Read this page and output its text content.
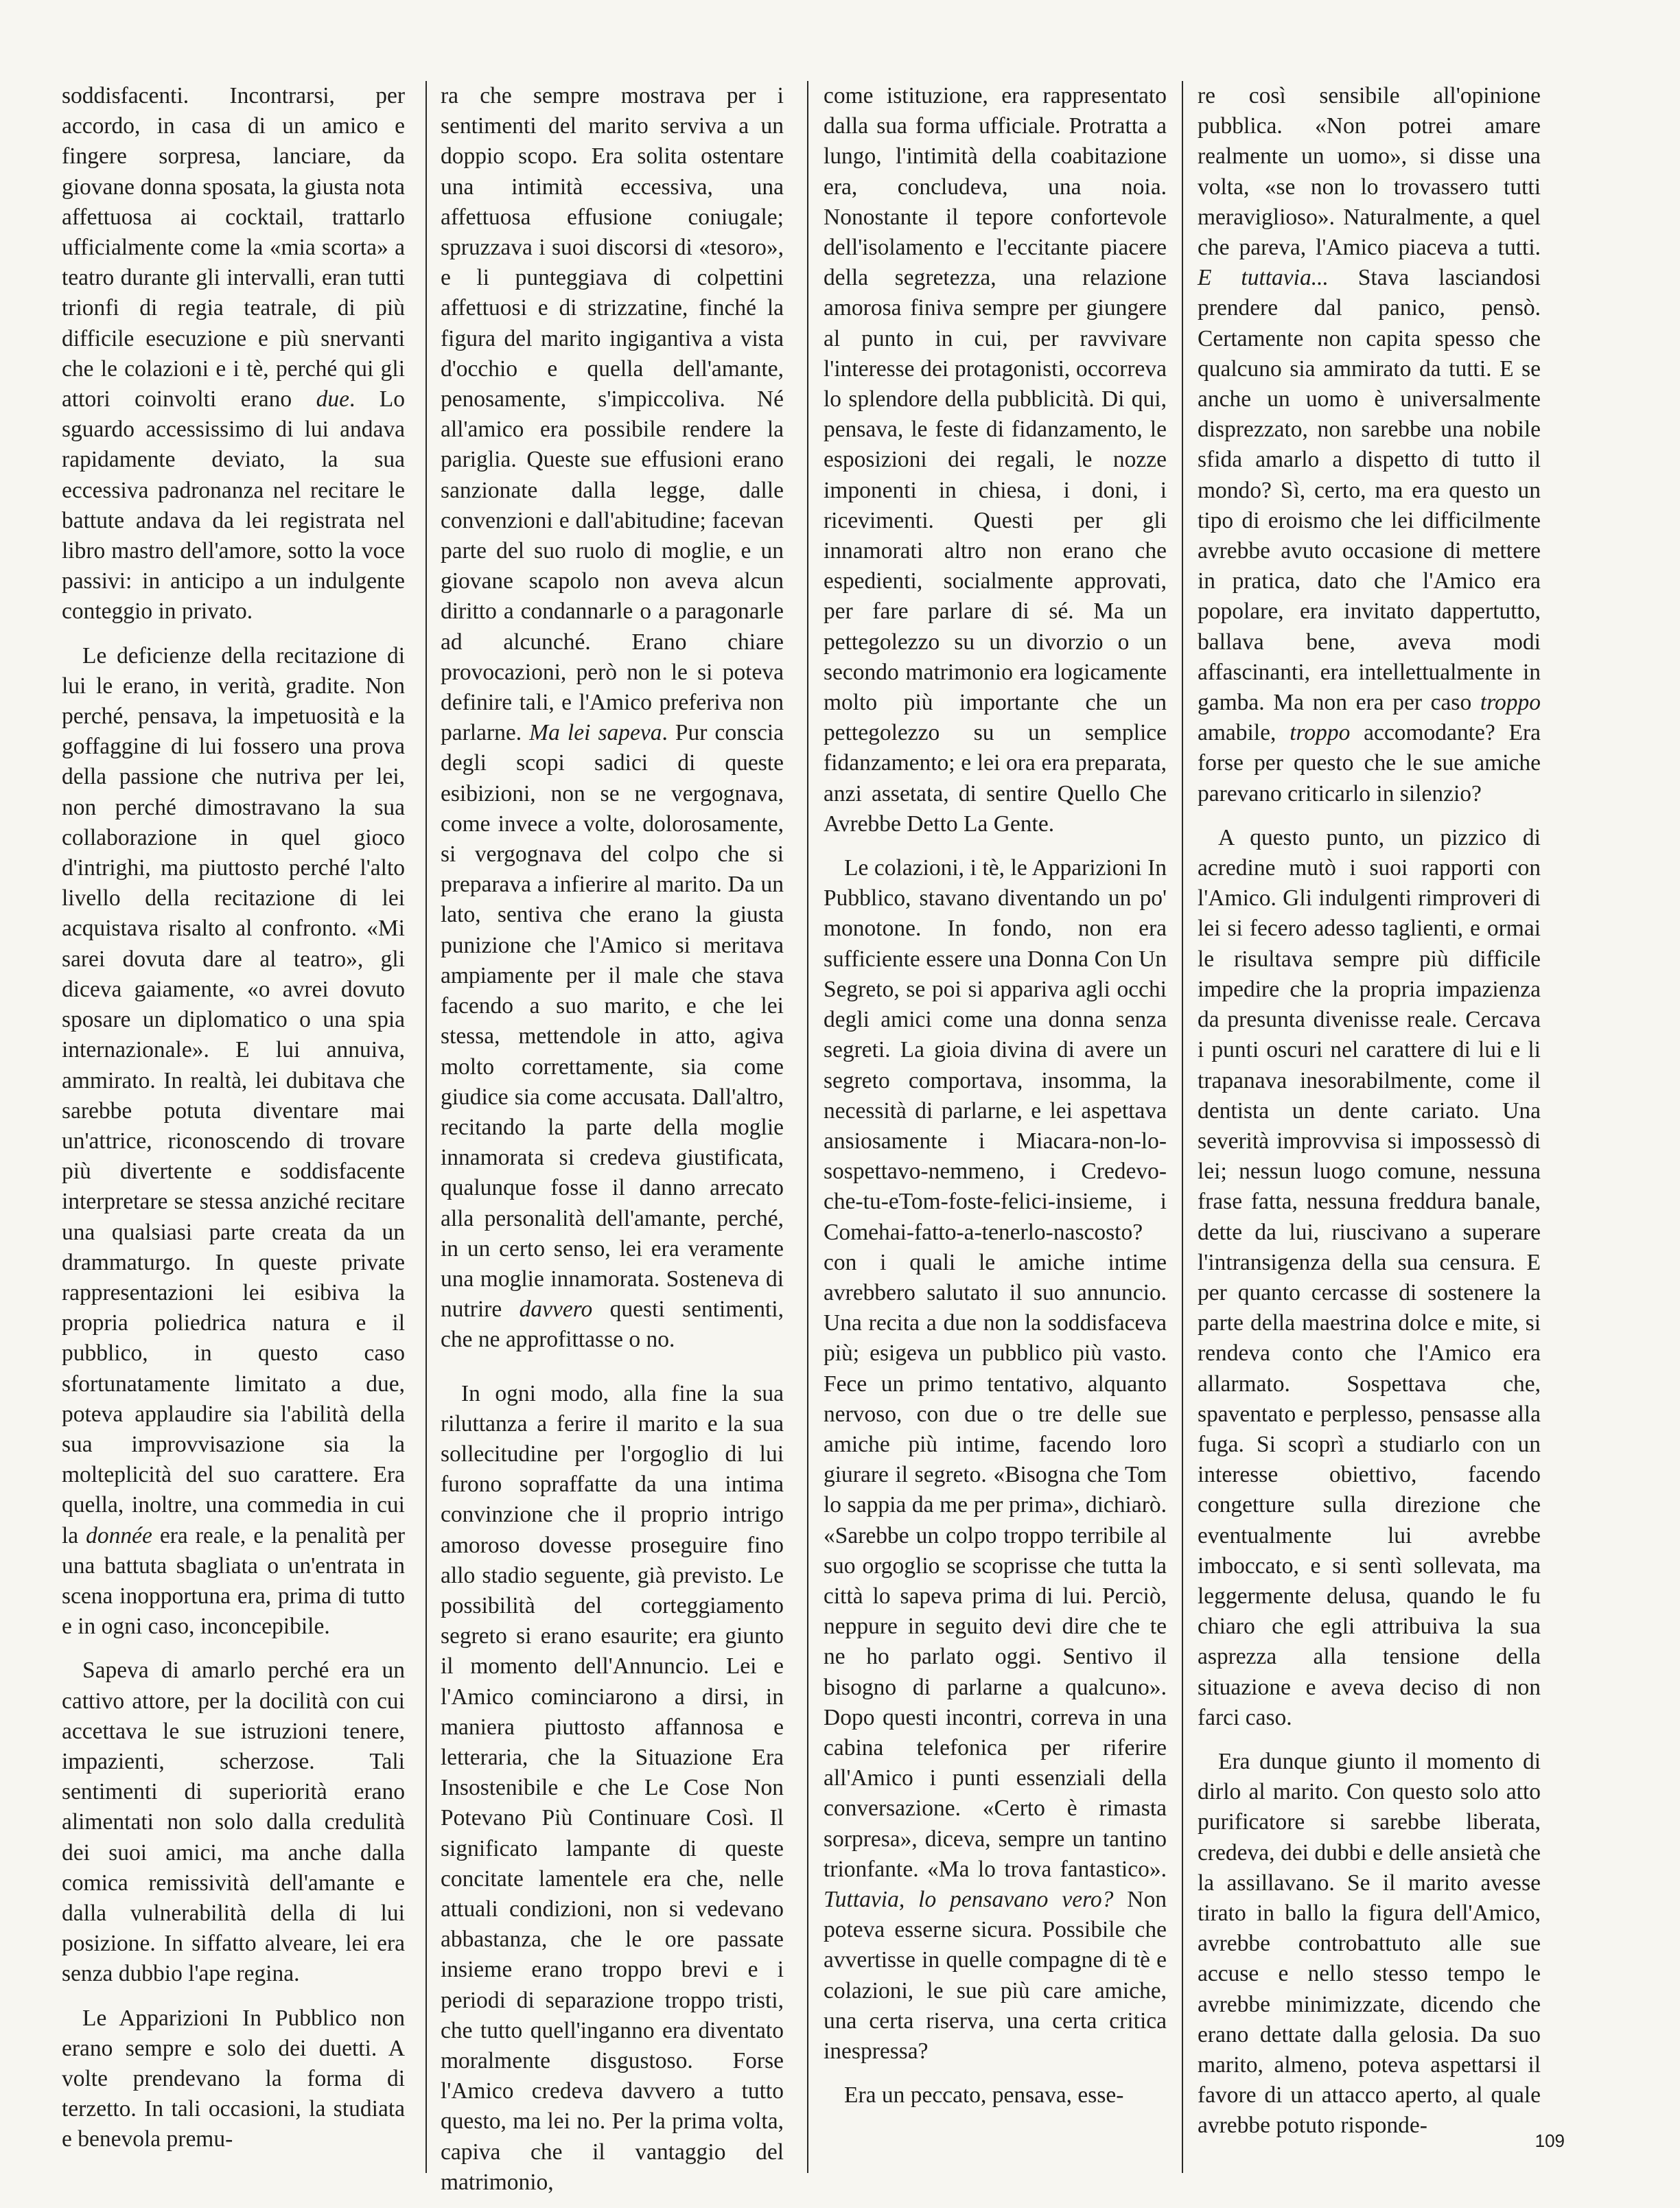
soddisfacenti. Incontrarsi, per accordo, in casa di un amico e fingere sorpresa, lanciare, da giovane donna sposata, la giusta nota affettuosa ai cocktail, trattarlo ufficialmente come la «mia scorta» a teatro durante gli intervalli, eran tutti trionfi di regia teatrale, di più difficile esecuzione e più snervanti che le colazioni e i tè, perché qui gli attori coinvolti erano due. Lo sguardo accessissimo di lui andava rapidamente deviato, la sua eccessiva padronanza nel recitare le battute andava da lei registrata nel libro mastro dell'amore, sotto la voce passivi: in anticipo a un indulgente conteggio in privato.

Le deficienze della recitazione di lui le erano, in verità, gradite. Non perché, pensava, la impetuosità e la goffaggine di lui fossero una prova della passione che nutriva per lei, non perché dimostravano la sua collaborazione in quel gioco d'intrighi, ma piuttosto perché l'alto livello della recitazione di lei acquistava risalto al confronto. «Mi sarei dovuta dare al teatro», gli diceva gaiamente, «o avrei dovuto sposare un diplomatico o una spia internazionale». E lui annuiva, ammirato. In realtà, lei dubitava che sarebbe potuta diventare mai un'attrice, riconoscendo di trovare più divertente e soddisfacente interpretare se stessa anziché recitare una qualsiasi parte creata da un drammaturgo. In queste private rappresentazioni lei esibiva la propria poliedrica natura e il pubblico, in questo caso sfortunatamente limitato a due, poteva applaudire sia l'abilità della sua improvvisazione sia la molteplicità del suo carattere. Era quella, inoltre, una commedia in cui la donnée era reale, e la penalità per una battuta sbagliata o un'entrata in scena inopportuna era, prima di tutto e in ogni caso, inconcepibile.

Sapeva di amarlo perché era un cattivo attore, per la docilità con cui accettava le sue istruzioni tenere, impazienti, scherzose. Tali sentimenti di superiorità erano alimentati non solo dalla credulità dei suoi amici, ma anche dalla comica remissività dell'amante e dalla vulnerabilità della di lui posizione. In siffatto alveare, lei era senza dubbio l'ape regina.

Le Apparizioni In Pubblico non erano sempre e solo dei duetti. A volte prendevano la forma di terzetto. In tali occasioni, la studiata e benevola premu-

ra che sempre mostrava per i sentimenti del marito serviva a un doppio scopo. Era solita ostentare una intimità eccessiva, una affettuosa effusione coniugale; spruzzava i suoi discorsi di «tesoro», e li punteggiava di colpettini affettuosi e di strizzatine, finché la figura del marito ingigantiva a vista d'occhio e quella dell'amante, penosamente, s'impiccoliva. Né all'amico era possibile rendere la pariglia. Queste sue effusioni erano sanzionate dalla legge, dalle convenzioni e dall'abitudine; facevan parte del suo ruolo di moglie, e un giovane scapolo non aveva alcun diritto a condannarle o a paragonarle ad alcunché. Erano chiare provocazioni, però non le si poteva definire tali, e l'Amico preferiva non parlarne. Ma lei sapeva. Pur conscia degli scopi sadici di queste esibizioni, non se ne vergognava, come invece a volte, dolorosamente, si vergognava del colpo che si preparava a infierire al marito. Da un lato, sentiva che erano la giusta punizione che l'Amico si meritava ampiamente per il male che stava facendo a suo marito, e che lei stessa, mettendole in atto, agiva molto correttamente, sia come giudice sia come accusata. Dall'altro, recitando la parte della moglie innamorata si credeva giustificata, qualunque fosse il danno arrecato alla personalità dell'amante, perché, in un certo senso, lei era veramente una moglie innamorata. Sosteneva di nutrire davvero questi sentimenti, che ne approfittasse o no.

In ogni modo, alla fine la sua riluttanza a ferire il marito e la sua sollecitudine per l'orgoglio di lui furono sopraffatte da una intima convinzione che il proprio intrigo amoroso dovesse proseguire fino allo stadio seguente, già previsto. Le possibilità del corteggiamento segreto si erano esaurite; era giunto il momento dell'Annuncio. Lei e l'Amico cominciarono a dirsi, in maniera piuttosto affannosa e letteraria, che la Situazione Era Insostenibile e che Le Cose Non Potevano Più Continuare Così. Il significato lampante di queste concitate lamentele era che, nelle attuali condizioni, non si vedevano abbastanza, che le ore passate insieme erano troppo brevi e i periodi di separazione troppo tristi, che tutto quell'inganno era diventato moralmente disgustoso. Forse l'Amico credeva davvero a tutto questo, ma lei no. Per la prima volta, capiva che il vantaggio del matrimonio,

come istituzione, era rappresentato dalla sua forma ufficiale. Protratta a lungo, l'intimità della coabitazione era, concludeva, una noia. Nonostante il tepore confortevole dell'isolamento e l'eccitante piacere della segretezza, una relazione amorosa finiva sempre per giungere al punto in cui, per ravvivare l'interesse dei protagonisti, occorreva lo splendore della pubblicità. Di qui, pensava, le feste di fidanzamento, le esposizioni dei regali, le nozze imponenti in chiesa, i doni, i ricevimenti. Questi per gli innamorati altro non erano che espedienti, socialmente approvati, per fare parlare di sé. Ma un pettegolezzo su un divorzio o un secondo matrimonio era logicamente molto più importante che un pettegolezzo su un semplice fidanzamento; e lei ora era preparata, anzi assetata, di sentire Quello Che Avrebbe Detto La Gente.

Le colazioni, i tè, le Apparizioni In Pubblico, stavano diventando un po' monotone. In fondo, non era sufficiente essere una Donna Con Un Segreto, se poi si appariva agli occhi degli amici come una donna senza segreti. La gioia divina di avere un segreto comportava, insomma, la necessità di parlarne, e lei aspettava ansiosamente i Miacara-non-lo-sospettavo-nemmeno, i Credevo-che-tu-eTom-foste-felici-insieme, i Comehai-fatto-a-tenerlo-nascosto? con i quali le amiche intime avrebbero salutato il suo annuncio. Una recita a due non la soddisfaceva più; esigeva un pubblico più vasto. Fece un primo tentativo, alquanto nervoso, con due o tre delle sue amiche più intime, facendo loro giurare il segreto. «Bisogna che Tom lo sappia da me per prima», dichiarò. «Sarebbe un colpo troppo terribile al suo orgoglio se scoprisse che tutta la città lo sapeva prima di lui. Perciò, neppure in seguito devi dire che te ne ho parlato oggi. Sentivo il bisogno di parlarne a qualcuno». Dopo questi incontri, correva in una cabina telefonica per riferire all'Amico i punti essenziali della conversazione. «Certo è rimasta sorpresa», diceva, sempre un tantino trionfante. «Ma lo trova fantastico». Tuttavia, lo pensavano vero? Non poteva esserne sicura. Possibile che avvertisse in quelle compagne di tè e colazioni, le sue più care amiche, una certa riserva, una certa critica inespressa?

Era un peccato, pensava, esse-

re così sensibile all'opinione pubblica. «Non potrei amare realmente un uomo», si disse una volta, «se non lo trovassero tutti meraviglioso». Naturalmente, a quel che pareva, l'Amico piaceva a tutti. E tuttavia... Stava lasciandosi prendere dal panico, pensò. Certamente non capita spesso che qualcuno sia ammirato da tutti. E se anche un uomo è universalmente disprezzato, non sarebbe una nobile sfida amarlo a dispetto di tutto il mondo? Sì, certo, ma era questo un tipo di eroismo che lei difficilmente avrebbe avuto occasione di mettere in pratica, dato che l'Amico era popolare, era invitato dappertutto, ballava bene, aveva modi affascinanti, era intellettualmente in gamba. Ma non era per caso troppo amabile, troppo accomodante? Era forse per questo che le sue amiche parevano criticarlo in silenzio?

A questo punto, un pizzico di acredine mutò i suoi rapporti con l'Amico. Gli indulgenti rimproveri di lei si fecero adesso taglienti, e ormai le risultava sempre più difficile impedire che la propria impazienza da presunta divenisse reale. Cercava i punti oscuri nel carattere di lui e li trapanava inesorabilmente, come il dentista un dente cariato. Una severità improvvisa si impossessò di lei; nessun luogo comune, nessuna frase fatta, nessuna freddura banale, dette da lui, riuscivano a superare l'intransigenza della sua censura. E per quanto cercasse di sostenere la parte della maestrina dolce e mite, si rendeva conto che l'Amico era allarmato. Sospettava che, spaventato e perplesso, pensasse alla fuga. Si scoprì a studiarlo con un interesse obiettivo, facendo congetture sulla direzione che eventualmente lui avrebbe imboccato, e si sentì sollevata, ma leggermente delusa, quando le fu chiaro che egli attribuiva la sua asprezza alla tensione della situazione e aveva deciso di non farci caso.

Era dunque giunto il momento di dirlo al marito. Con questo solo atto purificatore si sarebbe liberata, credeva, dei dubbi e delle ansietà che la assillavano. Se il marito avesse tirato in ballo la figura dell'Amico, avrebbe controbattuto alle sue accuse e nello stesso tempo le avrebbe minimizzate, dicendo che erano dettate dalla gelosia. Da suo marito, almeno, poteva aspettarsi il favore di un attacco aperto, al quale avrebbe potuto risponde-

109
